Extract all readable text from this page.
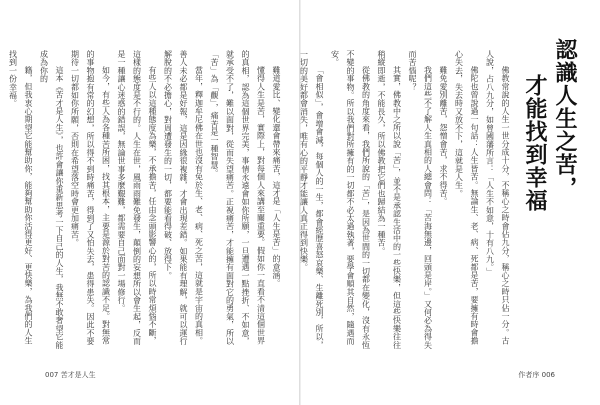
難道愛比、變化還會帶來痛苦，這才是「人生是苦」的意涵。

懂得人生是苦，實際上，對每個人來講至關重要。假如你一直看不清這個世界的真相，認為這個世界完美，事情永遠會如你所願，一旦遭遇一點挫折、不如意，就承受不了，難以面對，從而失望痛苦。正視痛苦，才能擁有面對它的勇氣，所以「苦」為「觀」，痛苦是一種智慧。

當年，釋迦牟尼佛在世也沒有免於生、老、病、死之苦，這就是宇宙的真相。善人未必都是好報，這是因緣很複雜，才會出現差錯。如果能有理解，就可以運行解脫的不必擔心，對周遭發生的一切，都要能看得破、放得下。

有些人以這種態度為樂，不承擔苦，任由念頭影響心的，所以時常煩惱不斷，這樣的態度是不行的。人生在世，風雨雨難免發生，顛倒的妄想所以會生起，反而是一種讓心迷惑的錯誤，無論世事多麼艱難，都需要自己面對一場修行。

如今，有些人為各種苦所困，找其根本，主要是源於對苦的認識不足。對無常的事物抱有常的幻想，所以得不到時痛苦，得到了又怕失去，患得患失。因此不要期待一切都如你所願，否則在希望落空時會更加痛苦。

這本《苦才是人生》，也許會讓你重新思考一下自己的人生，我無不敢奢望它能成為你的

籍，但我衷心期望它能幫助你，能夠幫助你活得更好、更快樂，為我們的人生找到一份幸福。

007 苦才是人生
認識人生之苦，
才能找到幸福

佛教常說的人生一世分成十分，不稱心之時會佔九分，稱心之時只佔一分。古人說，占八九分，如曾國藩所言：「人生不如意，十有八九。」

佛陀也曾說過一句話：人生皆苦。無論生、老、病、死都是苦，要擁有時會擔心失去，失去時又放不下，這就是人生。

難免愛別離苦，怨憎會苦，求不得苦。

我們這些不了解人生真相的人總會問：「苦海無邊，回頭是岸。」又何必為得失而苦惱呢？

其實，佛教中之所以說「苦」，並不是承認生活中的一些快樂，但這些快樂往往稍縱即逝，不能長久，所以佛教把它們也歸結為一種苦。

從佛教的角度來看，我們所說的「苦」，是因為世間的一切都在變化，沒有永恆不變的事物。所以我們對所擁有的一切都不必太過執著，要學會順其自然，隨遇而安。

「會相似」，會增會減，每個人的一生，都會經歷喜怒哀樂、生離死別，所以，一切的美好都會消失，唯有心的平靜才能讓人真正得到快樂。

作者序 006
